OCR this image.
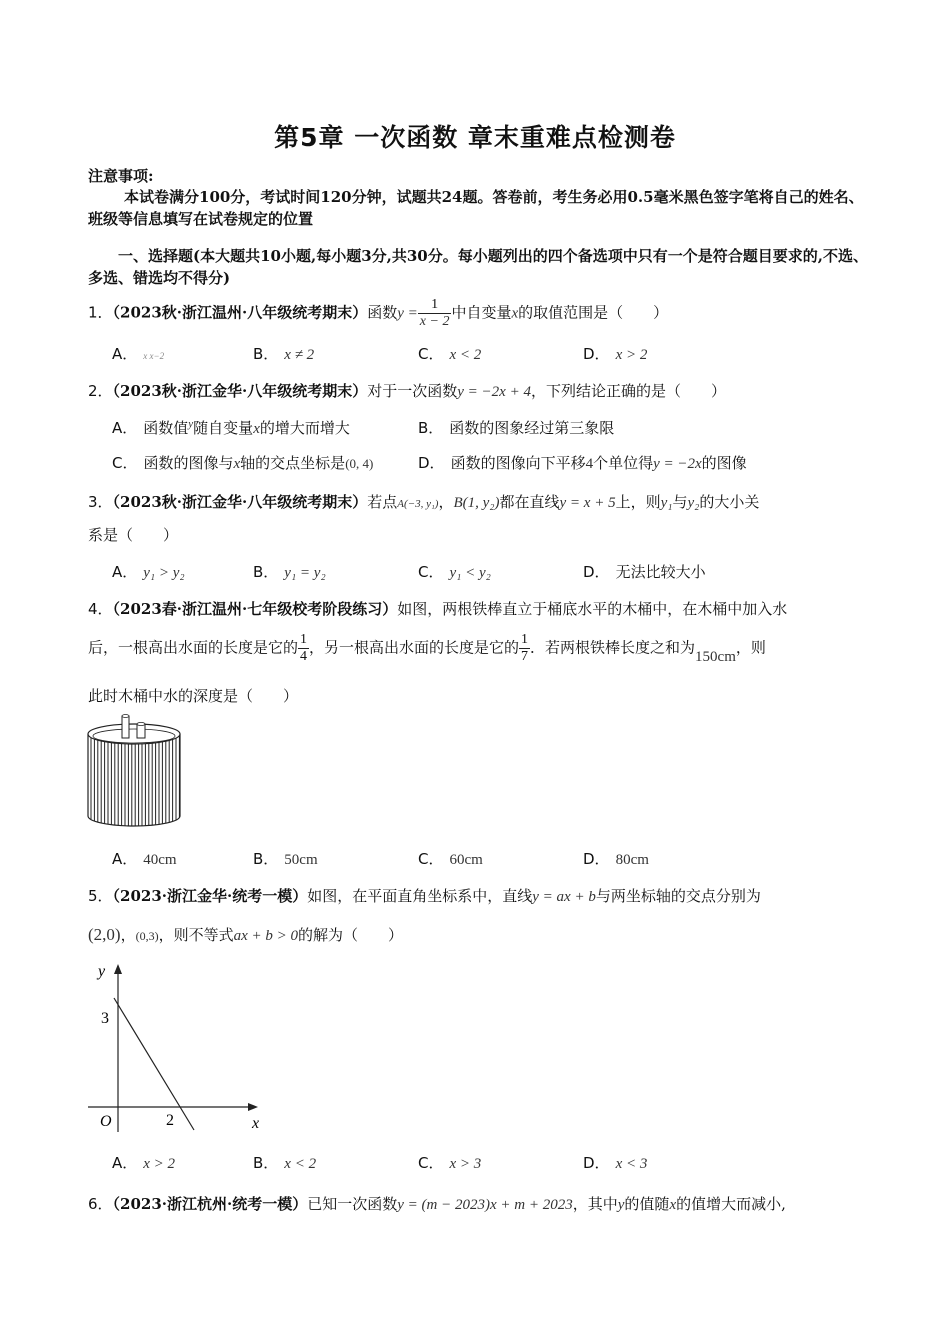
第5章 一次函数 章末重难点检测卷
注意事项:
本试卷满分100分，考试时间120分钟，试题共24题。答卷前，考生务必用0.5毫米黑色签字笔将自己的姓名、班级等信息填写在试卷规定的位置
一、选择题(本大题共10小题,每小题3分,共30分。每小题列出的四个备选项中只有一个是符合题目要求的,不选、多选、错选均不得分)
1．（2023秋·浙江温州·八年级统考期末）函数$y = \frac{1}{x - 2}$ 中自变量x的取值范围是（　　）
A． x x−2	B． x ≠ 2	C． x < 2	D． x > 2
2．（2023秋·浙江金华·八年级统考期末）对于一次函数y = −2x + 4，下列结论正确的是（　　）
A． 函数值$^y$随自变量x的增大而增大	B． 函数的图象经过第三象限
C． 函数的图像与x轴的交点坐标是(0, 4)	D． 函数的图像向下平移4个单位得y = −2x的图像
3．（2023秋·浙江金华·八年级统考期末）若点A(−3, y₁)，B(1, y₂)都在直线y = x + 5上，则y₁与y₂的大小关
系是（　　）
A． y₁ > y₂	B． y₁ = y₂	C． y₁ < y₂	D． 无法比较大小
4．（2023春·浙江温州·七年级校考阶段练习）如图，两根铁棒直立于桶底水平的木桶中，在木桶中加入水
后，一根高出水面的长度是它的 $\frac{1}{4}$ ，另一根高出水面的长度是它的 $\frac{1}{7}$ ．若两根铁棒长度之和为150cm，则
此时木桶中水的深度是（　　）
A． 40cm	B． 50cm	C． 60cm	D． 80cm
5．（2023·浙江金华·统考一模）如图，在平面直角坐标系中，直线y = ax + b与两坐标轴的交点分别为
(2,0)，(0,3)，则不等式ax + b > 0的解为（　　）
y
x
O
3
2
A． x > 2	B． x < 2	C． x > 3	D． x < 3
6．（2023·浙江杭州·统考一模）已知一次函数y = (m − 2023)x + m + 2023，其中y的值随x的值增大而减小,
